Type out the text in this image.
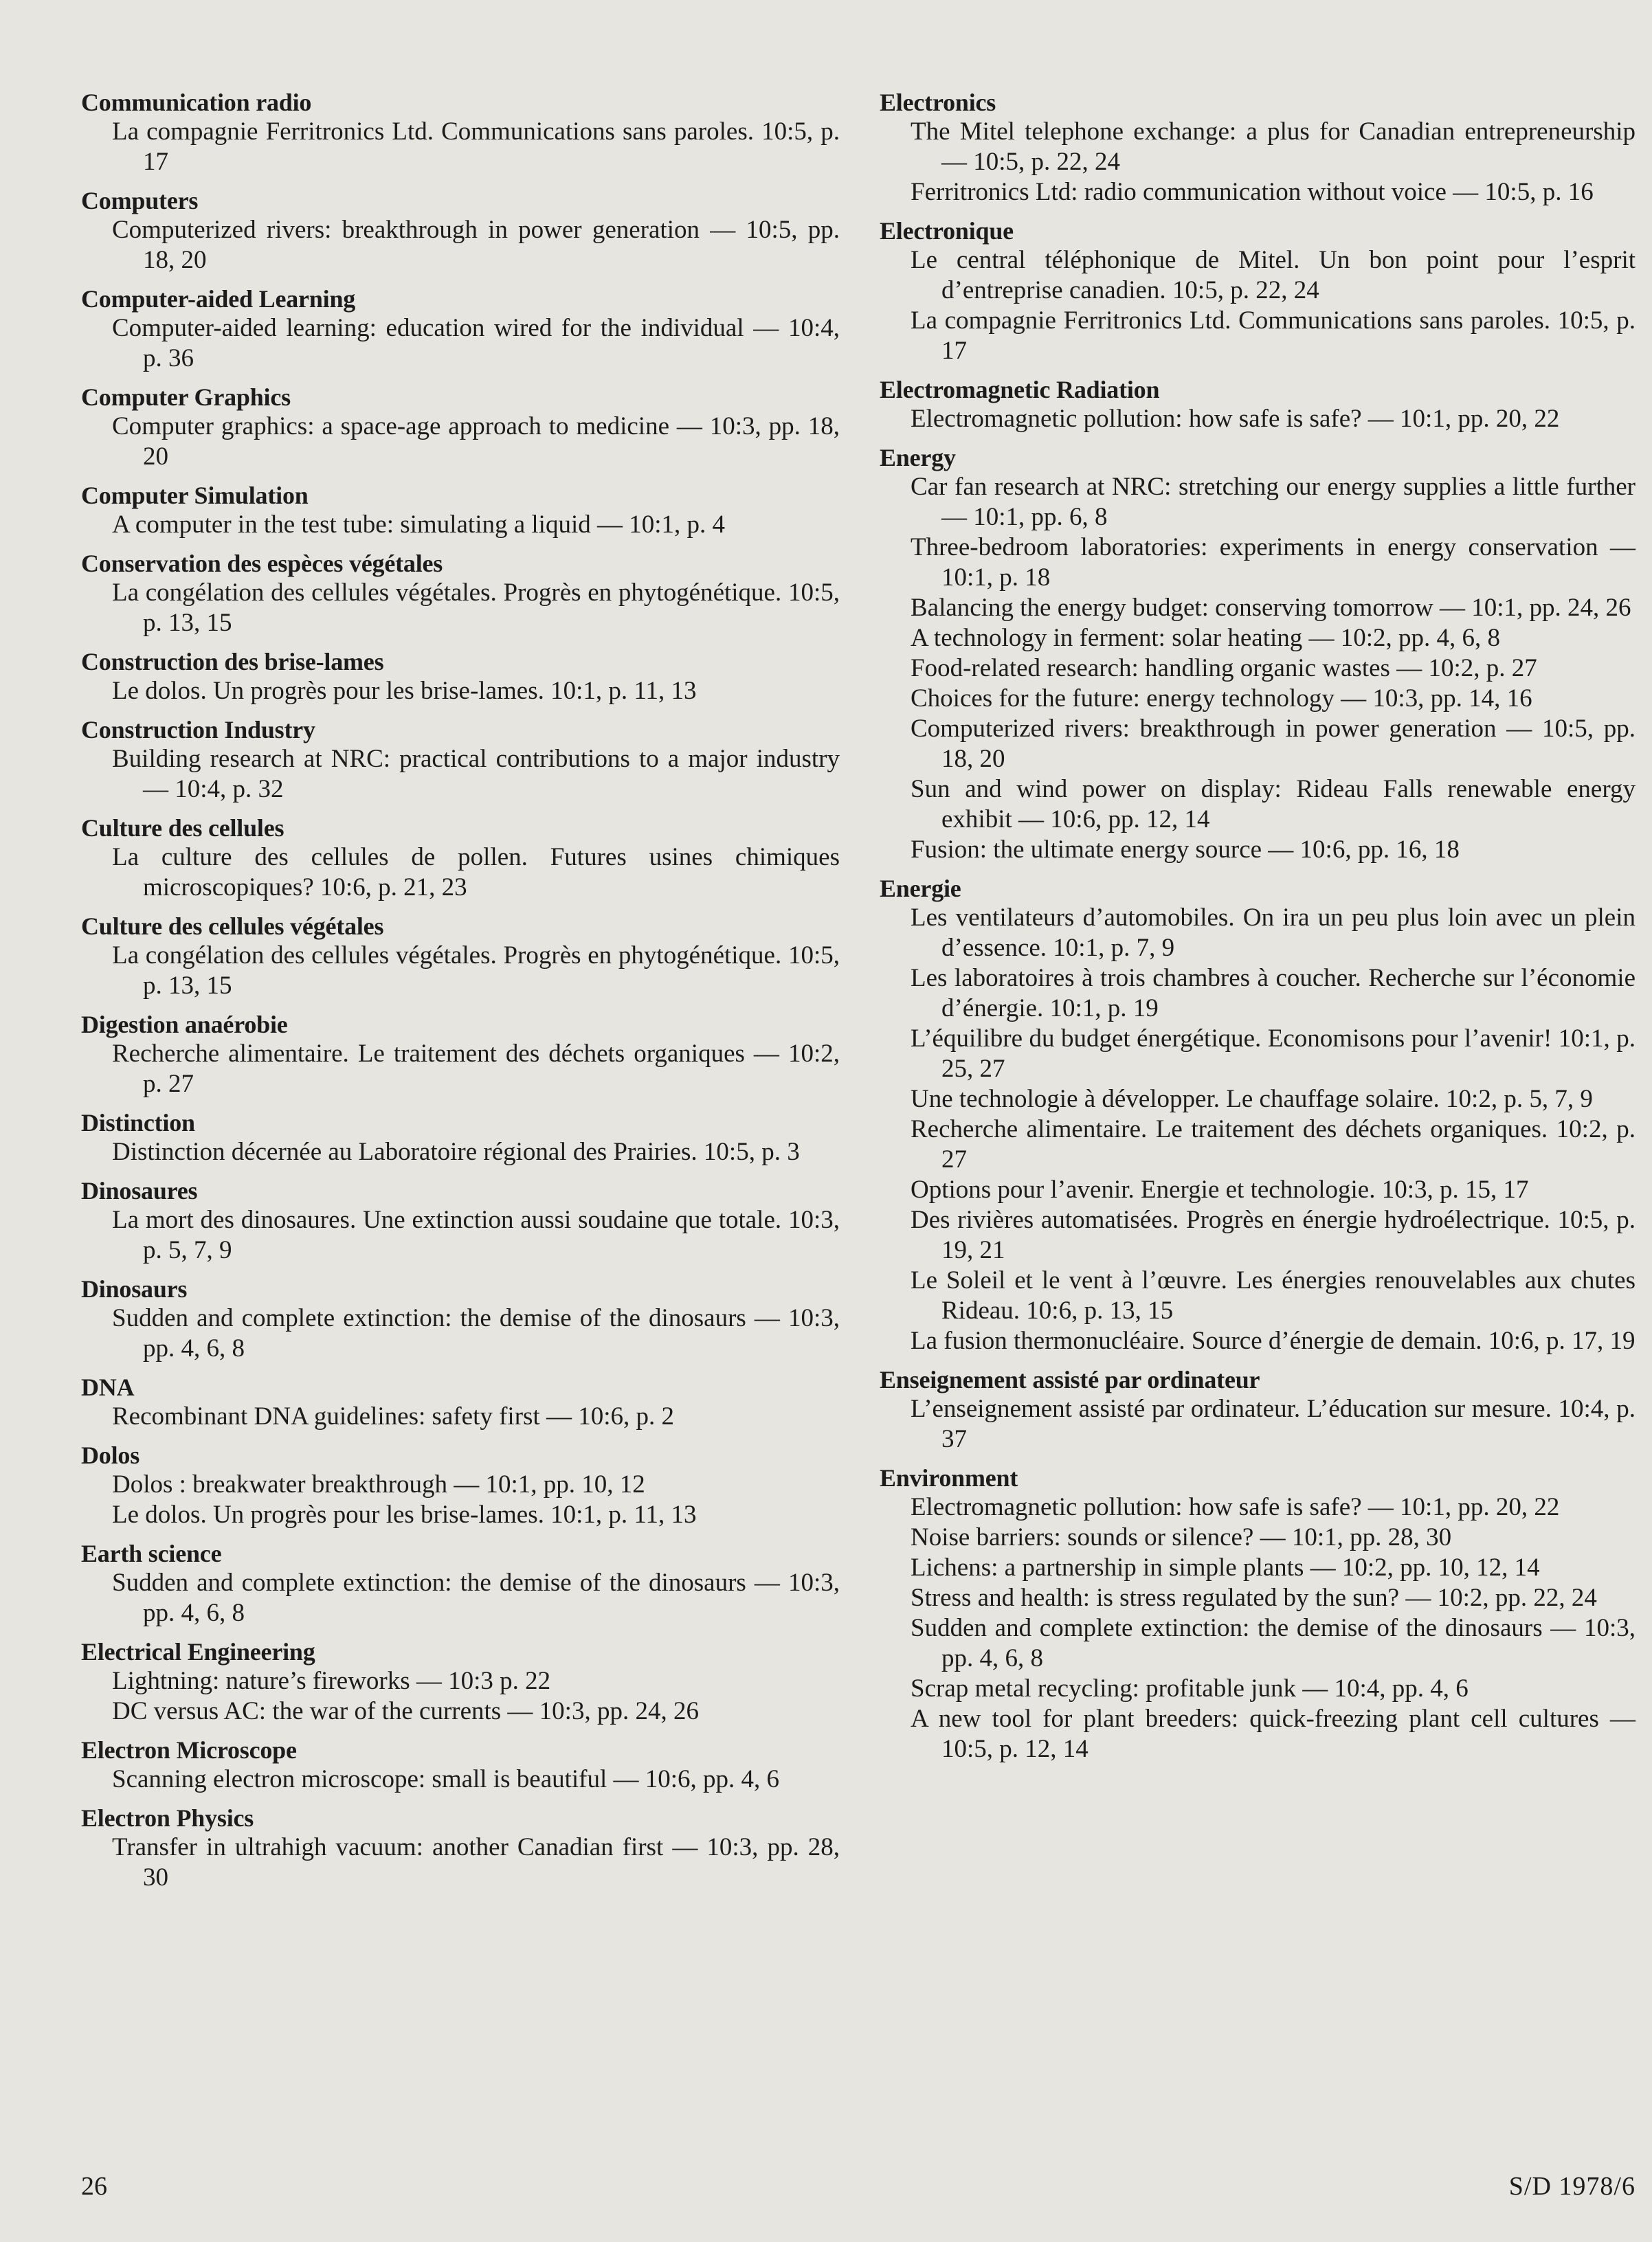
Communication radio
La compagnie Ferritronics Ltd. Communications sans paroles. 10:5, p. 17
Computers
Computerized rivers: breakthrough in power generation — 10:5, pp. 18, 20
Computer-aided Learning
Computer-aided learning: education wired for the individual — 10:4, p. 36
Computer Graphics
Computer graphics: a space-age approach to medicine — 10:3, pp. 18, 20
Computer Simulation
A computer in the test tube: simulating a liquid — 10:1, p. 4
Conservation des espèces végétales
La congélation des cellules végétales. Progrès en phytogénétique. 10:5, p. 13, 15
Construction des brise-lames
Le dolos. Un progrès pour les brise-lames. 10:1, p. 11, 13
Construction Industry
Building research at NRC: practical contributions to a major industry — 10:4, p. 32
Culture des cellules
La culture des cellules de pollen. Futures usines chimiques microscopiques? 10:6, p. 21, 23
Culture des cellules végétales
La congélation des cellules végétales. Progrès en phytogénétique. 10:5, p. 13, 15
Digestion anaérobie
Recherche alimentaire. Le traitement des déchets organiques — 10:2, p. 27
Distinction
Distinction décernée au Laboratoire régional des Prairies. 10:5, p. 3
Dinosaures
La mort des dinosaures. Une extinction aussi soudaine que totale. 10:3, p. 5, 7, 9
Dinosaurs
Sudden and complete extinction: the demise of the dinosaurs — 10:3, pp. 4, 6, 8
DNA
Recombinant DNA guidelines: safety first — 10:6, p. 2
Dolos
Dolos : breakwater breakthrough — 10:1, pp. 10, 12
Le dolos. Un progrès pour les brise-lames. 10:1, p. 11, 13
Earth science
Sudden and complete extinction: the demise of the dinosaurs — 10:3, pp. 4, 6, 8
Electrical Engineering
Lightning: nature’s fireworks — 10:3 p. 22
DC versus AC: the war of the currents — 10:3, pp. 24, 26
Electron Microscope
Scanning electron microscope: small is beautiful — 10:6, pp. 4, 6
Electron Physics
Transfer in ultrahigh vacuum: another Canadian first — 10:3, pp. 28, 30
Electronics
The Mitel telephone exchange: a plus for Canadian entrepreneurship — 10:5, p. 22, 24
Ferritronics Ltd: radio communication without voice — 10:5, p. 16
Electronique
Le central téléphonique de Mitel. Un bon point pour l’esprit d’entreprise canadien. 10:5, p. 22, 24
La compagnie Ferritronics Ltd. Communications sans paroles. 10:5, p. 17
Electromagnetic Radiation
Electromagnetic pollution: how safe is safe? — 10:1, pp. 20, 22
Energy
Car fan research at NRC: stretching our energy supplies a little further — 10:1, pp. 6, 8
Three-bedroom laboratories: experiments in energy conservation — 10:1, p. 18
Balancing the energy budget: conserving tomorrow — 10:1, pp. 24, 26
A technology in ferment: solar heating — 10:2, pp. 4, 6, 8
Food-related research: handling organic wastes — 10:2, p. 27
Choices for the future: energy technology — 10:3, pp. 14, 16
Computerized rivers: breakthrough in power generation — 10:5, pp. 18, 20
Sun and wind power on display: Rideau Falls renewable energy exhibit — 10:6, pp. 12, 14
Fusion: the ultimate energy source — 10:6, pp. 16, 18
Energie
Les ventilateurs d’automobiles. On ira un peu plus loin avec un plein d’essence. 10:1, p. 7, 9
Les laboratoires à trois chambres à coucher. Recherche sur l’économie d’énergie. 10:1, p. 19
L’équilibre du budget énergétique. Economisons pour l’avenir! 10:1, p. 25, 27
Une technologie à développer. Le chauffage solaire. 10:2, p. 5, 7, 9
Recherche alimentaire. Le traitement des déchets organiques. 10:2, p. 27
Options pour l’avenir. Energie et technologie. 10:3, p. 15, 17
Des rivières automatisées. Progrès en énergie hydroélectrique. 10:5, p. 19, 21
Le Soleil et le vent à l’œuvre. Les énergies renouvelables aux chutes Rideau. 10:6, p. 13, 15
La fusion thermonucléaire. Source d’énergie de demain. 10:6, p. 17, 19
Enseignement assisté par ordinateur
L’enseignement assisté par ordinateur. L’éducation sur mesure. 10:4, p. 37
Environment
Electromagnetic pollution: how safe is safe? — 10:1, pp. 20, 22
Noise barriers: sounds or silence? — 10:1, pp. 28, 30
Lichens: a partnership in simple plants — 10:2, pp. 10, 12, 14
Stress and health: is stress regulated by the sun? — 10:2, pp. 22, 24
Sudden and complete extinction: the demise of the dinosaurs — 10:3, pp. 4, 6, 8
Scrap metal recycling: profitable junk — 10:4, pp. 4, 6
A new tool for plant breeders: quick-freezing plant cell cultures — 10:5, p. 12, 14
26	S/D 1978/6
